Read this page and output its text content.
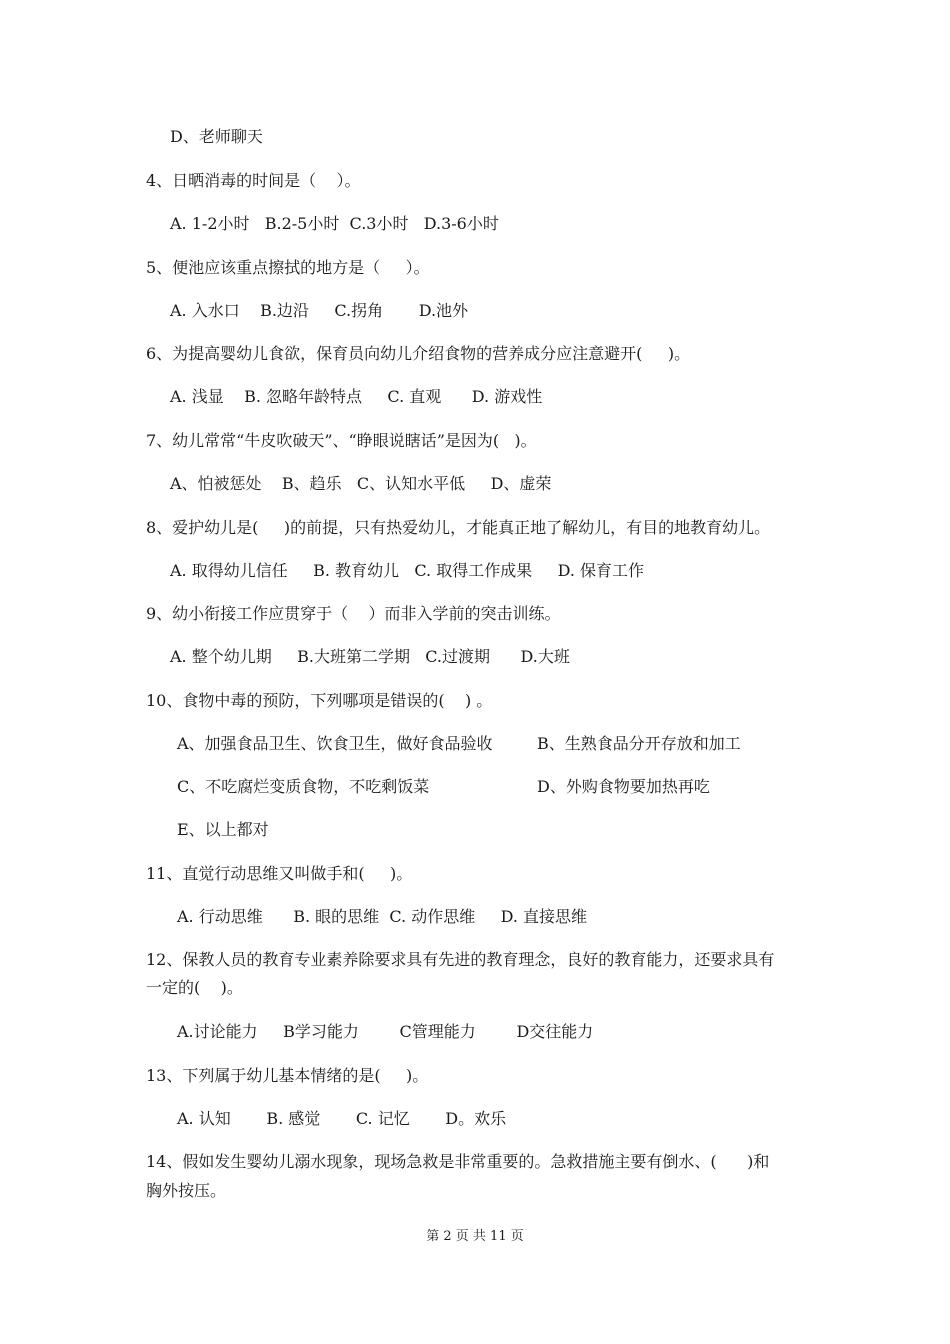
D、老师聊天
4、日晒消毒的时间是（    ）。
A. 1-2小时   B.2-5小时  C.3小时   D.3-6小时
5、便池应该重点擦拭的地方是（     ）。
A. 入水口    B.边沿     C.拐角       D.池外
6、为提高婴幼儿食欲，保育员向幼儿介绍食物的营养成分应注意避开(     )。
A. 浅显    B. 忽略年龄特点     C. 直观      D. 游戏性
7、幼儿常常“牛皮吹破天”、“睁眼说瞎话”是因为(   )。
A、怕被惩处    B、趋乐   C、认知水平低     D、虚荣
8、爱护幼儿是(     )的前提，只有热爱幼儿，才能真正地了解幼儿，有目的地教育幼儿。
A. 取得幼儿信任     B. 教育幼儿   C. 取得工作成果     D. 保育工作
9、幼小衔接工作应贯穿于（    ）而非入学前的突击训练。
A. 整个幼儿期     B.大班第二学期   C.过渡期      D.大班
10、食物中毒的预防，下列哪项是错误的(    ) 。
A、加强食品卫生、饮食卫生，做好食品验收	B、生熟食品分开存放和加工
C、不吃腐烂变质食物，不吃剩饭菜	D、外购食物要加热再吃
E、以上都对
11、直觉行动思维又叫做手和(     )。
A. 行动思维      B. 眼的思维  C. 动作思维     D. 直接思维
12、保教人员的教育专业素养除要求具有先进的教育理念，良好的教育能力，还要求具有
一定的(    )。
A.讨论能力     B学习能力        C管理能力        D交往能力
13、下列属于幼儿基本情绪的是(     )。
A. 认知       B. 感觉       C. 记忆       D。欢乐
14、假如发生婴幼儿溺水现象，现场急救是非常重要的。急救措施主要有倒水、(      )和
胸外按压。
第 2 页 共 11 页
